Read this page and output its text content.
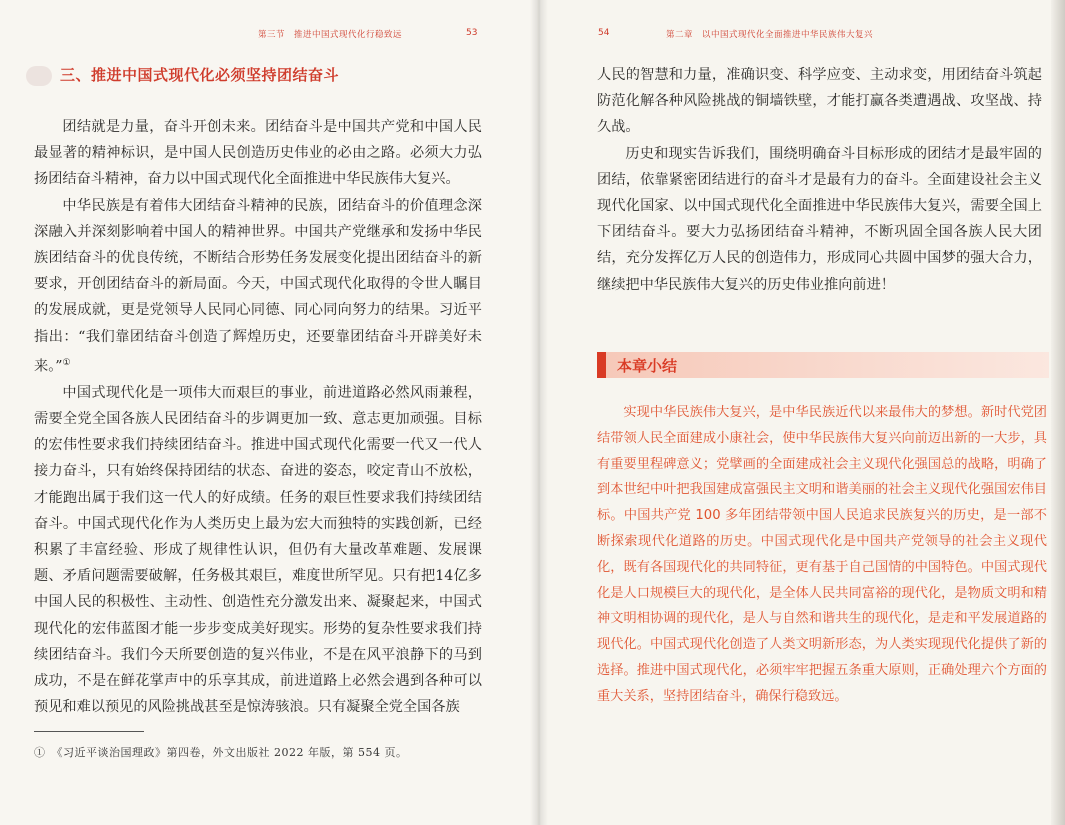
第三节　推进中国式现代化行稳致远	53
三、推进中国式现代化必须坚持团结奋斗

团结就是力量，奋斗开创未来。团结奋斗是中国共产党和中国人民最显著的精神标识，是中国人民创造历史伟业的必由之路。必须大力弘扬团结奋斗精神，奋力以中国式现代化全面推进中华民族伟大复兴。

中华民族是有着伟大团结奋斗精神的民族，团结奋斗的价值理念深深融入并深刻影响着中国人的精神世界。中国共产党继承和发扬中华民族团结奋斗的优良传统，不断结合形势任务发展变化提出团结奋斗的新要求，开创团结奋斗的新局面。今天，中国式现代化取得的令世人瞩目的发展成就，更是党领导人民同心同德、同心同向努力的结果。习近平指出：“我们靠团结奋斗创造了辉煌历史，还要靠团结奋斗开辟美好未来。”①

中国式现代化是一项伟大而艰巨的事业，前进道路必然风雨兼程，需要全党全国各族人民团结奋斗的步调更加一致、意志更加顽强。目标的宏伟性要求我们持续团结奋斗。推进中国式现代化需要一代又一代人接力奋斗，只有始终保持团结的状态、奋进的姿态，咬定青山不放松，才能跑出属于我们这一代人的好成绩。任务的艰巨性要求我们持续团结奋斗。中国式现代化作为人类历史上最为宏大而独特的实践创新，已经积累了丰富经验、形成了规律性认识，但仍有大量改革难题、发展课题、矛盾问题需要破解，任务极其艰巨，难度世所罕见。只有把14亿多中国人民的积极性、主动性、创造性充分激发出来、凝聚起来，中国式现代化的宏伟蓝图才能一步步变成美好现实。形势的复杂性要求我们持续团结奋斗。我们今天所要创造的复兴伟业，不是在风平浪静下的马到成功，不是在鲜花掌声中的乐享其成，前进道路上必然会遇到各种可以预见和难以预见的风险挑战甚至是惊涛骇浪。只有凝聚全党全国各族

①　《习近平谈治国理政》第四卷，外文出版社 2022 年版，第 554 页。
54	第二章　以中国式现代化全面推进中华民族伟大复兴

人民的智慧和力量，准确识变、科学应变、主动求变，用团结奋斗筑起防范化解各种风险挑战的铜墙铁壁，才能打赢各类遭遇战、攻坚战、持久战。

历史和现实告诉我们，围绕明确奋斗目标形成的团结才是最牢固的团结，依靠紧密团结进行的奋斗才是最有力的奋斗。全面建设社会主义现代化国家、以中国式现代化全面推进中华民族伟大复兴，需要全国上下团结奋斗。要大力弘扬团结奋斗精神，不断巩固全国各族人民大团结，充分发挥亿万人民的创造伟力，形成同心共圆中国梦的强大合力，继续把中华民族伟大复兴的历史伟业推向前进！

本章小结

实现中华民族伟大复兴，是中华民族近代以来最伟大的梦想。新时代党团结带领人民全面建成小康社会，使中华民族伟大复兴向前迈出新的一大步，具有重要里程碑意义；党擘画的全面建成社会主义现代化强国总的战略，明确了到本世纪中叶把我国建成富强民主文明和谐美丽的社会主义现代化强国宏伟目标。中国共产党 100 多年团结带领中国人民追求民族复兴的历史，是一部不断探索现代化道路的历史。中国式现代化是中国共产党领导的社会主义现代化，既有各国现代化的共同特征，更有基于自己国情的中国特色。中国式现代化是人口规模巨大的现代化，是全体人民共同富裕的现代化，是物质文明和精神文明相协调的现代化，是人与自然和谐共生的现代化，是走和平发展道路的现代化。中国式现代化创造了人类文明新形态，为人类实现现代化提供了新的选择。推进中国式现代化，必须牢牢把握五条重大原则，正确处理六个方面的重大关系，坚持团结奋斗，确保行稳致远。
